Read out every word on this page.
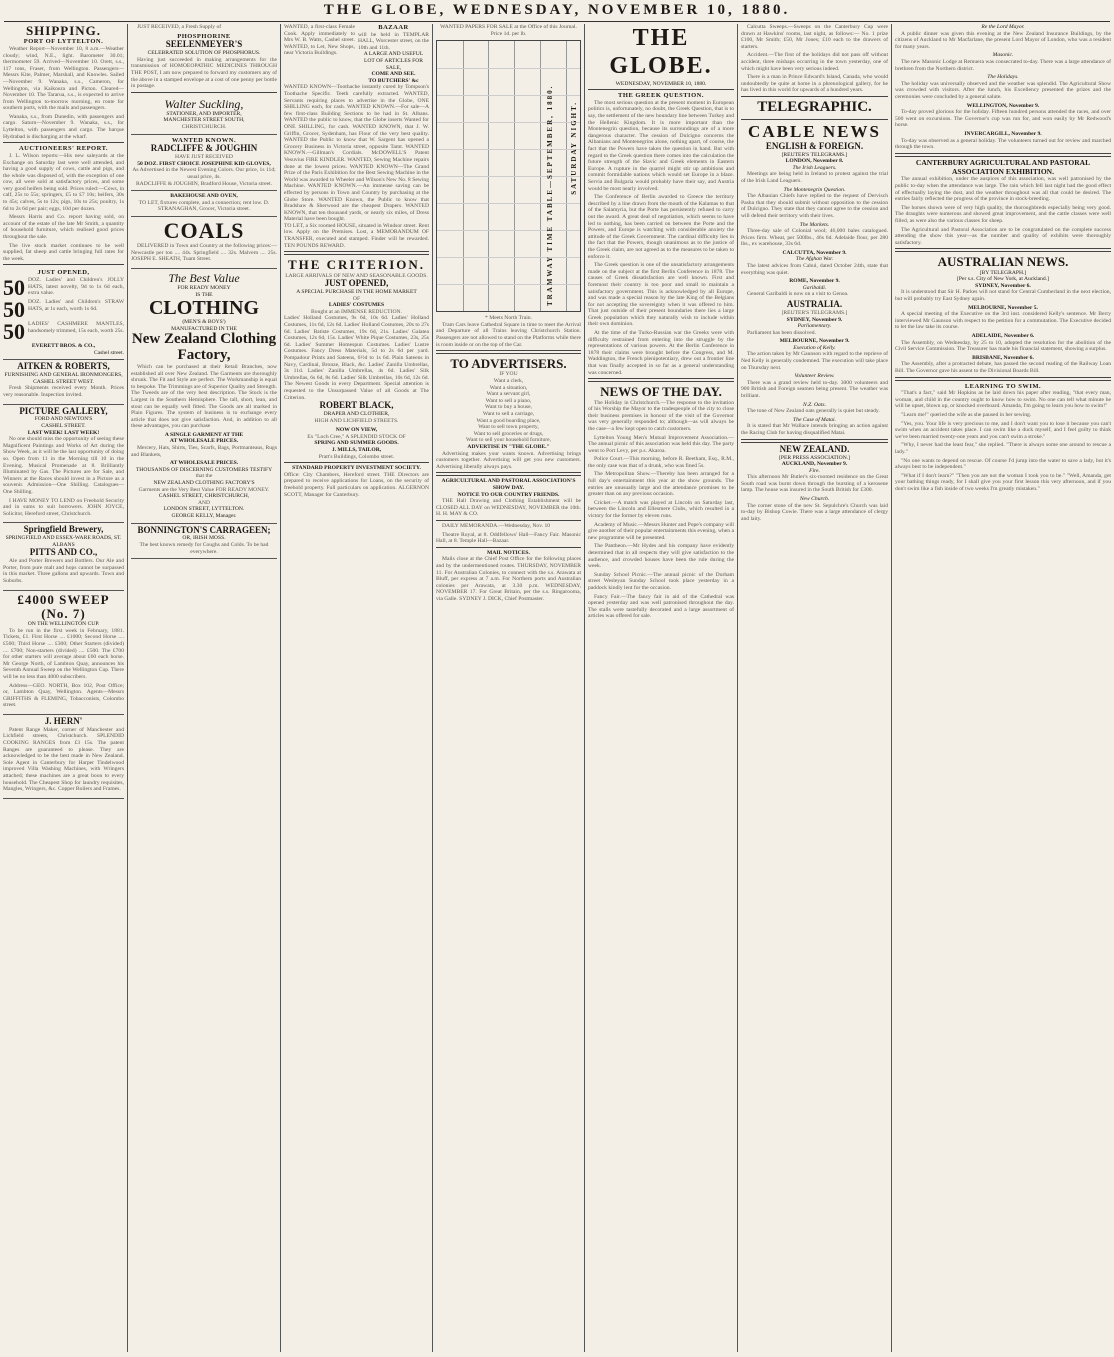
THE GLOBE, WEDNESDAY, NOVEMBER 10, 1880.
SHIPPING.
PORT OF LYTTELTON.
Weather Report—November 10, 8 a.m.—Weather cloudy; wind, N.E., light. Barometer 30.01; thermometer 59. Arrived—November 10. Orett, s.s., 117 tons, Fraser, from Wellington. Passengers—Messrs Kite, Palmer, Marshall, and Knowles. Sailed—November 9. Wanaka, s.s., Cameron, for Wellington, via Kaikoura and Picton. Cleared—November 10. The Tararua, s.s., is expected to arrive from Wellington to-morrow morning, en route for southern ports, with the mails and passengers.
Wanaka, s.s., from Dunedin, with passengers and cargo. Saturn—November 9. Wanaka, s.s., for Lyttelton, with passengers and cargo. The barque Hydrabad is discharging at the wharf.
AUCTIONEERS' REPORT.
J. L. Wilson reports:—His new saleyards at the Exchange on Saturday last were well attended, and having a good supply of cows, cattle and pigs, and the whole was disposed of, with the exception of one cow, all were sold at satisfactory prices, and some very good heifers being sold. Prices ruled:—Cows, in calf, 25s to 55s; springers, £5 to £7 10s; heifers, 30s to 45s; calves, 5s to 12s; pigs, 10s to 25s; poultry, 1s 6d to 2s 6d per pair; eggs, 10d per dozen.
Messrs Harris and Co. report having sold, on account of the estate of the late Mr Smith, a quantity of household furniture, which realised good prices throughout the sale.
The live stock market continues to be well supplied, fat sheep and cattle bringing full rates for the week.
JUST OPENED,
50 DOZ. Ladies' and Children's JOLLY HATS, latest novelty, 9d to 1s 6d each, extra value.
50 DOZ. Ladies' and Children's STRAW HATS, at 1s each, worth 1s 6d.
50 LADIES' CASHMERE MANTLES, handsomely trimmed, 15s each, worth 25s.
EVERETT BROS. & CO.,
Cashel street.
AITKEN & ROBERTS,
FURNISHING AND GENERAL IRONMONGERS,
CASHEL STREET WEST.
Fresh Shipments received every Month. Prices very reasonable. Inspection invited.
PICTURE GALLERY,
FORD AND NEWTON'S
CASHEL STREET.
LAST WEEK! LAST WEEK!
No one should miss the opportunity of seeing these Magnificent Paintings and Works of Art during the Show Week, as it will be the last opportunity of doing so. Open from 11 in the Morning till 10 in the Evening. Musical Promenade at 8. Brilliantly Illuminated by Gas. The Pictures are for Sale, and Winners at the Races should invest in a Picture as a souvenir. Admission—One Shilling. Catalogues—One Shilling.
I HAVE MONEY TO LEND on Freehold Security and in sums to suit borrowers. JOHN JOYCE, Solicitor, Hereford street, Christchurch.
Springfield Brewery,
SPRINGFIELD AND ESSEX-WARE ROADS, ST. ALBANS
PITTS AND CO.,
Ale and Porter Brewers and Bottlers. Our Ale and Porter, from pure malt and hops cannot be surpassed in this market. Three gallons and upwards. Town and Suburbs.
£4000 SWEEP (No. 7)
ON THE WELLINGTON CUP.
To be run in the first week in February, 1881. Tickets, £1. First Horse .... £1000; Second Horse .... £500; Third Horse .... £300; Other Starters (divided) .... £700; Non-starters (divided) .... £500. The £700 for other starters will average about £60 each horse. Mr George North, of Lambton Quay, announces his Seventh Annual Sweep on the Wellington Cup. There will be no less than 4000 subscribers.
Address—GEO. NORTH, Box 102, Post Office; or, Lambton Quay, Wellington. Agents—Messrs GRIFFITHS & FLEMING, Tobacconists, Colombo street.
J. HERN'
Patent Range Maker, corner of Manchester and Lichfield streets, Christchurch. SPLENDID COOKING RANGES from £3 15s. The patent Ranges are guaranteed to please. They are acknowledged to be the best made in New Zealand. Sole Agent in Canterbury for Harper Tindelwood improved Villa Washing Machines, with Wringers attached; these machines are a great boon to every household. The Cheapest Shop for laundry requisites, Mangles, Wringers, &c. Copper Boilers and Frames.
JUST RECEIVED, a Fresh Supply of
PHOSPHORINE
SEELENMEYER'S
CELEBRATED SOLUTION OF PHOSPHORUS.
Having just succeeded in making arrangements for the transmission of HOMOEOPATHIC MEDICINES THROUGH THE POST, I am now prepared to forward my customers any of the above in a stamped envelope at a cost of one penny per bottle in postage.
Walter Suckling,
STATIONER, AND IMPORTER,
MANCHESTER STREET SOUTH,
CHRISTCHURCH.
WANTED KNOWN.
RADCLIFFE & JOUGHIN
HAVE JUST RECEIVED
50 DOZ. FIRST CHOICE JOSEPHINE KID GLOVES,
As Advertised in the Newest Evening Colors. Our price, 1s 11d; usual price, 4s.
RADCLIFFE & JOUGHIN, Bradford House, Victoria street.
BAKEHOUSE AND OVEN,
TO LET, fixtures complete, and a connection; rent low. D. STRANAGHAN, Grocer, Victoria street.
COALS
DELIVERED in Town and Country at the following prices:— Newcastle per ton .... 44s. Springfield .... 32s. Malvern .... 25s. JOSEPH E. SHEATH, Tuam Street.
The Best Value
FOR READY MONEY
IS THE
CLOTHING
(MEN'S & BOYS')
MANUFACTURED IN THE
New Zealand Clothing Factory,
Which can be purchased at their Retail Branches, now established all over New Zealand. The Garments are thoroughly shrunk. The Fit and Style are perfect. The Workmanship is equal to bespoke. The Trimmings are of Superior Quality and Strength. The Tweeds are of the very best description. The Stock is the Largest in the Southern Hemisphere. The tall, short, lean, and stout can be equally well fitted. The Goods are all marked in Plain Figures. The system of business is to exchange every article that does not give satisfaction. And, in addition to all these advantages, you can purchase
A SINGLE GARMENT AT THE
AT WHOLESALE PRICES.
Mercery, Hats, Shirts, Ties, Scarfs, Bags, Portmanteaus, Rugs and Blankets,
AT WHOLESALE PRICES.
THOUSANDS OF DISCERNING CUSTOMERS TESTIFY
that the
NEW ZEALAND CLOTHING FACTORY'S
Garments are the Very Best Value FOR READY MONEY.
CASHEL STREET, CHRISTCHURCH,
AND
LONDON STREET, LYTTELTON.
GEORGE KELLY, Manager.
BONNINGTON'S CARRAGEEN;
OR, IRISH MOSS.
The best known remedy for Coughs and Colds. To be had everywhere.
WANTED, a first-class Female Cook. Apply immediately to Mrs W. B. Watts, Cashel street. WANTED, to Let, New Shops, near Victoria Buildings.
BAZAAR
will be held in TEMPLAR HALL, Worcester street, on the 10th and 11th.
A LARGE AND USEFUL LOT OF ARTICLES FOR SALE,
COME AND SEE.
TO BUTCHERS' &c
WANTED KNOWN—Toothache instantly cured by Tompson's Toothache Specific. Teeth carefully extracted. WANTED, Servants requiring places to advertise in the Globe, ONE SHILLING each, for cash. WANTED KNOWN.—For sale—A few first-class Building Sections to be had in St. Albans. WANTED the public to know, that the Globe inserts Wanted for ONE SHILLING, for cash. WANTED KNOWN, that J. W. Griffin, Grocer, Sydenham, has Flour of the very best quality. WANTED the Public to know that W. Sargent has opened a Grocery Business in Victoria street, opposite Tamt. WANTED KNOWN.—Gillman's Cordials. McDOWELL'S Patent Vesuvius FIRE KINDLER. WANTED, Sewing Machine repairs done at the lowest prices. WANTED KNOWN—The Grand Prize of the Paris Exhibition for the Best Sewing Machine in the World was awarded to Wheeler and Wilson's New No. 8 Sewing Machine. WANTED KNOWN.—An immense saving can be effected by persons in Town and Country by purchasing at the Globe Store. WANTED Known, the Public to know that Bradshaw & Sherwood are the cheapest Drapers. WANTED KNOWN, that ten thousand yards, or nearly six miles, of Dress Material have been bought.
TO LET, a Six roomed HOUSE, situated in Windsor street. Rent low. Apply on the Premises. Lost, a MEMORANDUM OF TRANSFER, executed and stamped. Finder will be rewarded. TEN POUNDS REWARD.
THE CRITERION.
LARGE ARRIVALS OF NEW AND SEASONABLE GOODS.
JUST OPENED,
A SPECIAL PURCHASE IN THE HOME MARKET
OF
LADIES' COSTUMES
Bought at an IMMENSE REDUCTION.
Ladies' Holland Costumes, 9s 6d, 10s 6d. Ladies' Holland Costumes, 11s 6d, 12s 6d. Ladies' Holland Costumes, 20s to 27s 6d. Ladies' Batiste Costumes, 19s 6d, 21s. Ladies' Galatea Costumes, 12s 6d, 15s. Ladies' White Pique Costumes, 23s, 25s 6d. Ladies' Summer Homespun Costumes. Ladies' Lustre Costumes. Fancy Dress Materials, 5d to 2s 6d per yard. Pompadour Prints and Sateens, 6½d to 1s 6d. Plain Sateens in Navy, Cardinal, Bronze, Black, &c. Ladies' Zanilla Umbrellas, 3s 11d. Ladies' Zanilla Umbrellas, 4s 6d. Ladies' Silk Umbrellas, 6s 6d, 8s 6d. Ladies' Silk Umbrellas, 10s 6d, 12s 6d. The Newest Goods in every Department. Special attention is requested to the Unsurpassed Value of all Goods at The Criterion.
ROBERT BLACK,
DRAPER AND CLOTHIER,
HIGH AND LICHFIELD STREETS.
NOW ON VIEW,
Ex "Loch Cree," A SPLENDID STOCK OF
SPRING AND SUMMER GOODS.
J. MILLS, TAILOR,
Pratt's Buildings, Colombo street.
STANDARD PROPERTY INVESTMENT SOCIETY.
Office: City Chambers, Hereford street. THE Directors are prepared to receive applications for Loans, on the security of freehold property. Full particulars on application. ALGERNON SCOTT, Manager for Canterbury.
WANTED PAPERS FOR SALE at the Office of this Journal. Price 1d. per lb.
TRAMWAY TIME TABLE—SEPTEMBER, 1880. SATURDAY NIGHT.
* Meets North Train.
Tram Cars leave Cathedral Square in time to meet the Arrival and Departure of all Trains leaving Christchurch Station. Passengers are not allowed to stand on the Platforms while there is room inside or on the top of the Car.
TO ADVERTISERS.
IF YOU
Want a clerk,
Want a situation,
Want a servant girl,
Want to sell a piano,
Want to buy a house,
Want to sell a carriage,
Want a good boarding place,
Want to sell town property,
Want to sell groceries or drugs,
Want to sell your household furniture,
ADVERTISE IN "THE GLOBE."
Advertising makes your wants known. Advertising brings customers together. Advertising will get you new customers. Advertising liberally always pays.
AGRICULTURAL AND PASTORAL ASSOCIATION'S SHOW DAY.
NOTICE TO OUR COUNTRY FRIENDS.
THE Hall Drawing and Clothing Establishment will be CLOSED ALL DAY on WEDNESDAY, NOVEMBER the 10th. H. H. MAY & CO.
DAILY MEMORANDA.—Wednesday, Nov. 10
Theatre Royal, at 8. Oddfellows' Hall—Fancy Fair. Masonic Hall, at 8. Temple Hall—Bazaar.
MAIL NOTICES.
Mails close at the Chief Post Office for the following places and by the undermentioned routes. THURSDAY, NOVEMBER 11. For Australian Colonies, to connect with the s.s. Arawata at Bluff, per express at 7 a.m. For Northern ports and Australian colonies per Arawata, at 3.30 p.m. WEDNESDAY, NOVEMBER 17. For Great Britain, per the s.s. Ringarooma, via Galle. SYDNEY J. DICK, Chief Postmaster.
THE GLOBE.
WEDNESDAY, NOVEMBER 10, 1880.
THE GREEK QUESTION.
The most serious question at the present moment in European politics is, unfortunately, no doubt, the Greek Question, that is to say, the settlement of the new boundary line between Turkey and the Hellenic Kingdom. It is more important than the Montenegrin question, because its surroundings are of a more dangerous character. The cession of Dulcigno concerns the Albanians and Montenegrins alone, nothing apart, of course, the fact that the Powers have taken the question in hand. But with regard to the Greek question there comes into the calculation the future strength of the Slavic and Greek elements in Eastern Europe. A rupture in the quarrel might stir up ambitions and commit formidable nations which would set Europe in a blaze. Servia and Bulgaria would probably have their say, and Austria would be most nearly involved.
The Conference of Berlin awarded to Greece the territory described by a line drawn from the mouth of the Kalamas to that of the Salamyria, but the Porte has persistently refused to carry out the award. A great deal of negotiation, which seems to have led to nothing, has been carried on between the Porte and the Powers, and Europe is watching with considerable anxiety the attitude of the Greek Government. The cardinal difficulty lies in the fact that the Powers, though unanimous as to the justice of the Greek claim, are not agreed as to the measures to be taken to enforce it.
The Greek question is one of the unsatisfactory arrangements made on the subject at the first Berlin Conference in 1878. The causes of Greek dissatisfaction are well known. First and foremost their country is too poor and small to maintain a satisfactory government. This is acknowledged by all Europe, and was made a special reason by the late King of the Belgians for not accepting the sovereignty when it was offered to him. That just outside of their present boundaries there lies a large Greek population which they naturally wish to include within their own dominion.
At the time of the Turko-Russian war the Greeks were with difficulty restrained from entering into the struggle by the representations of various powers. At the Berlin Conference in 1878 their claims were brought before the Congress, and M. Waddington, the French plenipotentiary, drew out a frontier line that was finally accepted in so far as a general understanding was concerned.
NEWS OF THE DAY.
The Holiday in Christchurch.—The response to the invitation of his Worship the Mayor to the tradespeople of the city to close their business premises in honour of the visit of the Governor was very generally responded to; although—as will always be the case—a few kept open to catch customers.
Lyttelton Young Men's Mutual Improvement Association.—The annual picnic of this association was held this day. The party went to Port Levy, per p.s. Akaroa.
Police Court.—This morning, before R. Beetham, Esq., R.M., the only case was that of a drunk, who was fined 5s.
The Metropolitan Show.—Thereby has been arranged for a full day's entertainment this year at the show grounds. The entries are unusually large and the attendance promises to be greater than on any previous occasion.
Cricket.—A match was played at Lincoln on Saturday last, between the Lincoln and Ellesmere Clubs, which resulted in a victory for the former by eleven runs.
Academy of Music.—Messrs Hunter and Pope's company will give another of their popular entertainments this evening, when a new programme will be presented.
The Pantheon.—Mr Hydes and his company have evidently determined that in all respects they will give satisfaction to the audience, and crowded houses have been the rule during the week.
Sunday School Picnic.—The annual picnic of the Durham street Wesleyan Sunday School took place yesterday in a paddock kindly lent for the occasion.
Fancy Fair.—The fancy fair in aid of the Cathedral was opened yesterday and was well patronised throughout the day. The stalls were tastefully decorated and a large assortment of articles was offered for sale.
Calcutta Sweeps.—Sweeps on the Canterbury Cup were drawn at Hawkins' rooms, last night, as follows:— No. 1 prize £100, Mr Smith; £50, Mr Jones; £10 each to the drawers of starters.
Accident.—The first of the holidays did not pass off without accident, three mishaps occurring in the town yesterday, one of which might have been very serious indeed.
There is a man in Prince Edward's Island, Canada, who would undoubtedly be quite at home in a phrenological gallery, for he has lived in this world for upwards of a hundred years.
TELEGRAPHIC.
CABLE NEWS
ENGLISH & FOREIGN.
[REUTER'S TELEGRAMS.]
LONDON, November 8.
The Irish Leaguers.
Meetings are being held in Ireland to protest against the trial of the Irish Land Leaguers.
The Montenegrin Question.
The Albanian Chiefs have replied to the request of Dervisch Pasha that they should submit without opposition to the cession of Dulcigno. They state that they cannot agree to the cession and will defend their territory with their lives.
The Markets.
Three-day sale of Colonial wool; 46,000 bales catalogued. Prices firm. Wheat, per 500lbs., 46s 6d. Adelaide flour, per 280 lbs., ex warehouse, 33s 6d.
CALCUTTA, November 9.
The Afghan War.
The latest advices from Cabul, dated October 24th, state that everything was quiet.
ROME, November 9.
Garibaldi.
General Garibaldi is now on a visit to Genoa.
AUSTRALIA.
[REUTER'S TELEGRAMS.]
SYDNEY, November 9.
Parliamentary.
Parliament has been dissolved.
MELBOURNE, November 9.
Execution of Kelly.
The action taken by Mr Gaunson with regard to the reprieve of Ned Kelly is generally condemned. The execution will take place on Thursday next.
Volunteer Review.
There was a grand review held to-day. 3000 volunteers and 900 British and Foreign seamen being present. The weather was brilliant.
N.Z. Oats.
The tone of New Zealand oats generally is quiet but steady.
The Case of Matai.
It is stated that Mr Wallace intends bringing an action against the Racing Club for having disqualified Matai.
NEW ZEALAND.
[PER PRESS ASSOCIATION.]
AUCKLAND, November 9.
Fire.
This afternoon Mr Butler's six-roomed residence on the Great South road was burnt down through the bursting of a kerosene lamp. The house was insured in the South British for £300.
New Church.
The corner stone of the new St. Sepulchre's Church was laid to-day by Bishop Cowie. There was a large attendance of clergy and laity.
Re the Lord Mayor.
A public dinner was given this evening at the New Zealand Insurance Buildings, by the citizens of Auckland to Mr Macfarlane, the present Lord Mayor of London, who was a resident for many years.
Masonic.
The new Masonic Lodge at Remuera was consecrated to-day. There was a large attendance of brethren from the Northern district.
The Holidays.
The holiday was universally observed and the weather was splendid. The Agricultural Show was crowded with visitors. After the lunch, his Excellency presented the prizes and the ceremonies were concluded by a general salute.
WELLINGTON, November 9.
To-day proved glorious for the holiday. Fifteen hundred persons attended the races, and over 500 went on excursions. The Governor's cup was run for, and won easily by Mr Redwood's horse.
INVERCARGILL, November 9.
To-day was observed as a general holiday. The volunteers turned out for review and marched through the town.
CANTERBURY AGRICULTURAL AND PASTORAL ASSOCIATION EXHIBITION.
The annual exhibition, under the auspices of this association, was well patronised by the public to-day when the attendance was large. The rain which fell last night had the good effect of effectually laying the dust, and the weather throughout was all that could be desired. The entries fairly reflected the progress of the province in stock-breeding.
The horses shown were of very high quality, the thoroughbreds especially being very good. The draughts were numerous and showed great improvement, and the cattle classes were well filled, as were also the various classes for sheep.
The Agricultural and Pastoral Association are to be congratulated on the complete success attending the show this year—as the number and quality of exhibits were thoroughly satisfactory.
AUSTRALIAN NEWS.
[BY TELEGRAPH.]
[Per s.s. City of New York, at Auckland.]
SYDNEY, November 6.
It is understood that Sir H. Parkes will not stand for Central Cumberland in the next election, but will probably try East Sydney again.
MELBOURNE, November 5.
A special meeting of the Executive on the 3rd inst. considered Kelly's sentence. Mr Berry interviewed Mr Gaunson with respect to the petition for a commutation. The Executive decided to let the law take its course.
ADELAIDE, November 6.
The Assembly, on Wednesday, by 25 to 10, adopted the resolution for the abolition of the Civil Service Commission. The Treasurer has made his financial statement, showing a surplus.
BRISBANE, November 6.
The Assembly, after a protracted debate, has passed the second reading of the Railway Loan Bill. The Governor gave his assent to the Divisional Boards Bill.
LEARNING TO SWIM.
"That's a fact," said Mr Hopkins as he laid down his paper after reading, "that every man, woman, and child in the country ought to know how to swim. No one can tell what minute he will be upset, blown up, or knocked overboard. Amanda, I'm going to learn you how to swim!"
"Learn me!" queried the wife as she paused in her sewing.
"Yes, you. Your life is very precious to me, and I don't want you to lose it because you can't swim when an accident takes place. I can swim like a duck myself, and I feel guilty to think we've been married twenty-one years and you can't swim a stroke."
"Why, I never had the least fear," she replied. "There is always some one around to rescue a lady."
"No one wants to depend on rescue. Of course I'd jump into the water to save a lady, but it's always best to be independent."
"What if I don't learn?" "Then you are not the woman I took you to be." "Well, Amanda, get your bathing things ready, for I shall give you your first lesson this very afternoon, and if you don't swim like a fish inside of two weeks I'm greatly mistaken."
